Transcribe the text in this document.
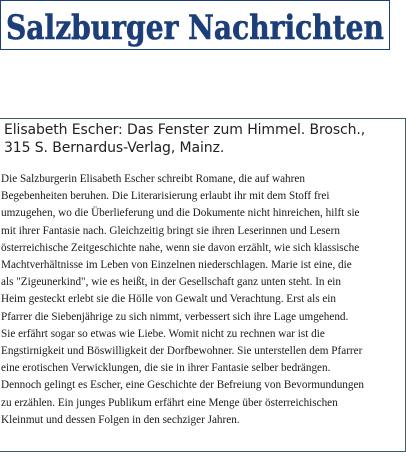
Salzburger Nachrichten
Elisabeth Escher: Das Fenster zum Himmel. Brosch.,
315 S. Bernardus-Verlag, Mainz.
Die Salzburgerin Elisabeth Escher schreibt Romane, die auf wahren
Begebenheiten beruhen. Die Literarisierung erlaubt ihr mit dem Stoff frei
umzugehen, wo die Überlieferung und die Dokumente nicht hinreichen, hilft sie
mit ihrer Fantasie nach. Gleichzeitig bringt sie ihren Leserinnen und Lesern
österreichische Zeitgeschichte nahe, wenn sie davon erzählt, wie sich klassische
Machtverhältnisse im Leben von Einzelnen niederschlagen. Marie ist eine, die
als "Zigeunerkind", wie es heißt, in der Gesellschaft ganz unten steht. In ein
Heim gesteckt erlebt sie die Hölle von Gewalt und Verachtung. Erst als ein
Pfarrer die Siebenjährige zu sich nimmt, verbessert sich ihre Lage umgehend.
Sie erfährt sogar so etwas wie Liebe. Womit nicht zu rechnen war ist die
Engstirnigkeit und Böswilligkeit der Dorfbewohner. Sie unterstellen dem Pfarrer
eine erotischen Verwicklungen, die sie in ihrer Fantasie selber bedrängen.
Dennoch gelingt es Escher, eine Geschichte der Befreiung von Bevormundungen
zu erzählen. Ein junges Publikum erfährt eine Menge über österreichischen
Kleinmut und dessen Folgen in den sechziger Jahren.
